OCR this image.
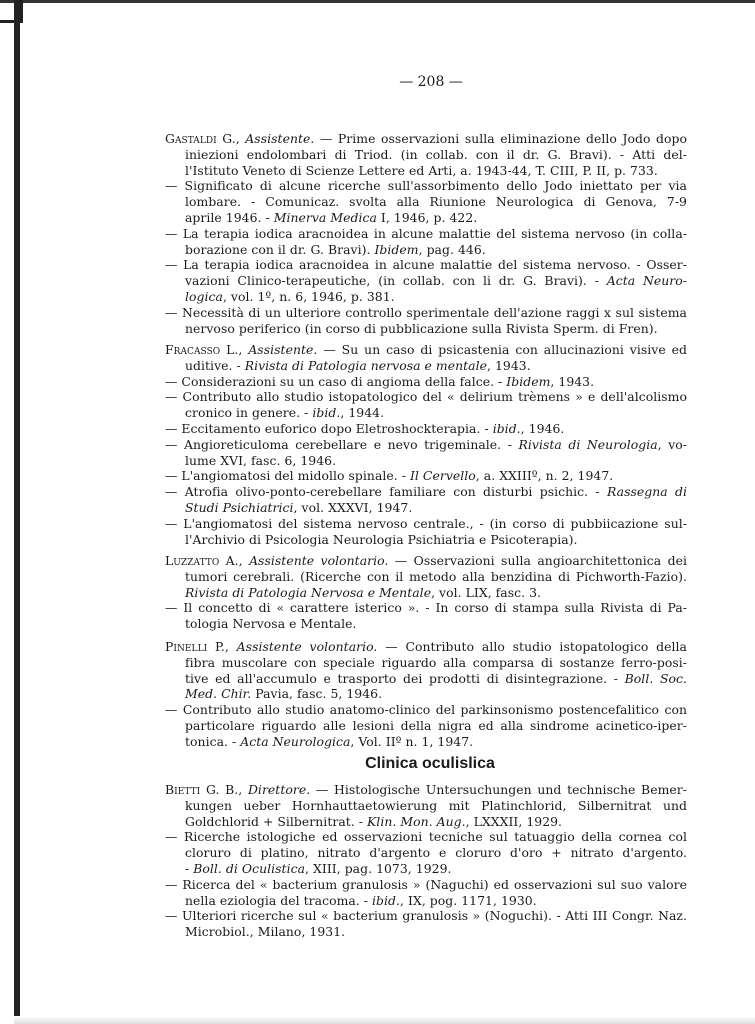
— 208 —
Gastaldi G., Assistente. — Prime osservazioni sulla eliminazione dello Jodo dopo
iniezioni endolombari di Triod. (in collab. con il dr. G. Bravi). - Atti del-
l'Istituto Veneto di Scienze Lettere ed Arti, a. 1943-44, T. CIII, P. II, p. 733.
— Significato di alcune ricerche sull'assorbimento dello Jodo iniettato per via
lombare. - Comunicaz. svolta alla Riunione Neurologica di Genova, 7-9
aprile 1946. - Minerva Medica I, 1946, p. 422.
— La terapia iodica aracnoidea in alcune malattie del sistema nervoso (in colla-
borazione con il dr. G. Bravi). Ibidem, pag. 446.
— La terapia iodica aracnoidea in alcune malattie del sistema nervoso. - Osser-
vazioni Clinico-terapeutiche, (in collab. con li dr. G. Bravi). - Acta Neuro-
logica, vol. 1º, n. 6, 1946, p. 381.
— Necessità di un ulteriore controllo sperimentale dell'azione raggi x sul sistema
nervoso periferico (in corso di pubblicazione sulla Rivista Sperm. di Fren).
Fracasso L., Assistente. — Su un caso di psicastenia con allucinazioni visive ed
uditive. - Rivista di Patologia nervosa e mentale, 1943.
— Considerazioni su un caso di angioma della falce. - Ibidem, 1943.
— Contributo allo studio istopatologico del « delirium trèmens » e dell'alcolismo
cronico in genere. - ibid., 1944.
— Eccitamento euforico dopo Eletroshockterapia. - ibid., 1946.
— Angioreticuloma cerebellare e nevo trigeminale. - Rivista di Neurologia, vo-
lume XVI, fasc. 6, 1946.
— L'angiomatosi del midollo spinale. - Il Cervello, a. XXIIIº, n. 2, 1947.
— Atrofia olivo-ponto-cerebellare familiare con disturbi psichic. - Rassegna di
Studi Psichiatrici, vol. XXXVI, 1947.
— L'angiomatosi del sistema nervoso centrale., - (in corso di pubbiicazione sul-
l'Archivio di Psicologia Neurologia Psichiatria e Psicoterapia).
Luzzatto A., Assistente volontario. — Osservazioni sulla angioarchitettonica dei
tumori cerebrali. (Ricerche con il metodo alla benzidina di Pichworth-Fazio).
Rivista di Patologia Nervosa e Mentale, vol. LIX, fasc. 3.
— Il concetto di « carattere isterico ». - In corso di stampa sulla Rivista di Pa-
tologia Nervosa e Mentale.
Pinelli P., Assistente volontario. — Contributo allo studio istopatologico della
fibra muscolare con speciale riguardo alla comparsa di sostanze ferro-posi-
tive ed all'accumulo e trasporto dei prodotti di disintegrazione. - Boll. Soc.
Med. Chir. Pavia, fasc. 5, 1946.
— Contributo allo studio anatomo-clinico del parkinsonismo postencefalitico con
particolare riguardo alle lesioni della nigra ed alla sindrome acinetico-iper-
tonica. - Acta Neurologica, Vol. IIº n. 1, 1947.
Bietti G. B., Direttore. — Histologische Untersuchungen und technische Bemer-
kungen ueber Hornhauttaetowierung mit Platinchlorid, Silbernitrat und
Goldchlorid + Silbernitrat. - Klin. Mon. Aug., LXXXII, 1929.
— Ricerche istologiche ed osservazioni tecniche sul tatuaggio della cornea col
cloruro di platino, nitrato d'argento e cloruro d'oro + nitrato d'argento.
- Boll. di Oculistica, XIII, pag. 1073, 1929.
— Ricerca del « bacterium granulosis » (Naguchi) ed osservazioni sul suo valore
nella eziologia del tracoma. - ibid., IX, pog. 1171, 1930.
— Ulteriori ricerche sul « bacterium granulosis » (Noguchi). - Atti III Congr. Naz.
Microbiol., Milano, 1931.
Clinica oculislica
